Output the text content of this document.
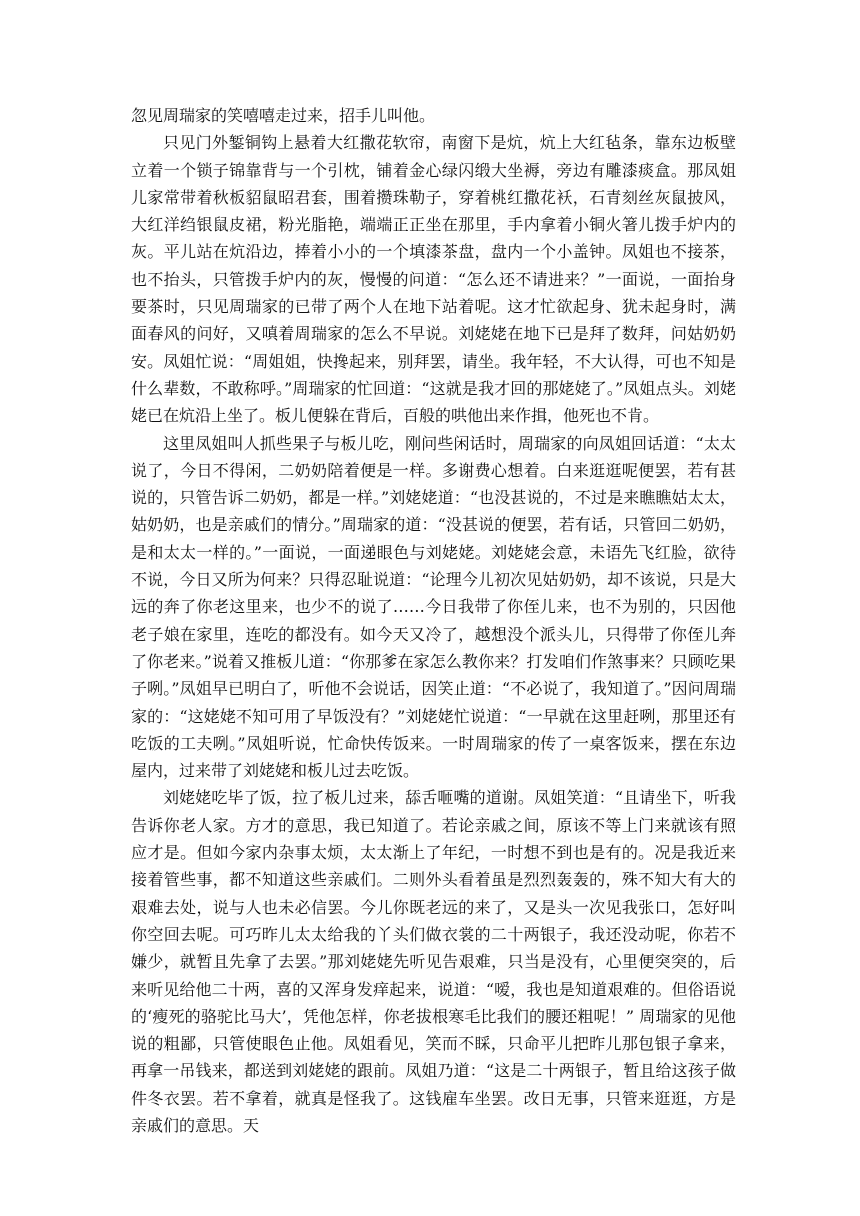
忽见周瑞家的笑嘻嘻走过来，招手儿叫他。

只见门外錾铜钩上悬着大红撒花软帘，南窗下是炕，炕上大红毡条，靠东边板壁立着一个锁子锦靠背与一个引枕，铺着金心绿闪缎大坐褥，旁边有雕漆痰盒。那凤姐儿家常带着秋板貂鼠昭君套，围着攒珠勒子，穿着桃红撒花袄，石青刻丝灰鼠披风，大红洋绉银鼠皮裙，粉光脂艳，端端正正坐在那里，手内拿着小铜火箸儿拨手炉内的灰。平儿站在炕沿边，捧着小小的一个填漆茶盘，盘内一个小盖钟。凤姐也不接茶，也不抬头，只管拨手炉内的灰，慢慢的问道：“怎么还不请进来？”一面说，一面抬身要茶时，只见周瑞家的已带了两个人在地下站着呢。这才忙欲起身、犹未起身时，满面春风的问好，又嗔着周瑞家的怎么不早说。刘姥姥在地下已是拜了数拜，问姑奶奶安。凤姐忙说：“周姐姐，快搀起来，别拜罢，请坐。我年轻，不大认得，可也不知是什么辈数，不敢称呼。”周瑞家的忙回道：“这就是我才回的那姥姥了。”凤姐点头。刘姥姥已在炕沿上坐了。板儿便躲在背后，百般的哄他出来作揖，他死也不肯。

这里凤姐叫人抓些果子与板儿吃，刚问些闲话时，周瑞家的向凤姐回话道：“太太说了，今日不得闲，二奶奶陪着便是一样。多谢费心想着。白来逛逛呢便罢，若有甚说的，只管告诉二奶奶，都是一样。”刘姥姥道：“也没甚说的，不过是来瞧瞧姑太太，姑奶奶，也是亲戚们的情分。”周瑞家的道：“没甚说的便罢，若有话，只管回二奶奶，是和太太一样的。”一面说，一面递眼色与刘姥姥。刘姥姥会意，未语先飞红脸，欲待不说，今日又所为何来？只得忍耻说道：“论理今儿初次见姑奶奶，却不该说，只是大远的奔了你老这里来，也少不的说了……今日我带了你侄儿来，也不为别的，只因他老子娘在家里，连吃的都没有。如今天又冷了，越想没个派头儿，只得带了你侄儿奔了你老来。”说着又推板儿道：“你那爹在家怎么教你来？打发咱们作煞事来？只顾吃果子咧。”凤姐早已明白了，听他不会说话，因笑止道：“不必说了，我知道了。”因问周瑞家的：“这姥姥不知可用了早饭没有？”刘姥姥忙说道：“一早就在这里赶咧，那里还有吃饭的工夫咧。”凤姐听说，忙命快传饭来。一时周瑞家的传了一桌客饭来，摆在东边屋内，过来带了刘姥姥和板儿过去吃饭。

刘姥姥吃毕了饭，拉了板儿过来，舔舌咂嘴的道谢。凤姐笑道：“且请坐下，听我告诉你老人家。方才的意思，我已知道了。若论亲戚之间，原该不等上门来就该有照应才是。但如今家内杂事太烦，太太渐上了年纪，一时想不到也是有的。况是我近来接着管些事，都不知道这些亲戚们。二则外头看着虽是烈烈轰轰的，殊不知大有大的艰难去处，说与人也未必信罢。今儿你既老远的来了，又是头一次见我张口，怎好叫你空回去呢。可巧昨儿太太给我的丫头们做衣裳的二十两银子，我还没动呢，你若不嫌少，就暂且先拿了去罢。”那刘姥姥先听见告艰难，只当是没有，心里便突突的，后来听见给他二十两，喜的又浑身发痒起来，说道：“嗳，我也是知道艰难的。但俗语说的‘瘦死的骆驼比马大’，凭他怎样，你老拔根寒毛比我们的腰还粗呢！” 周瑞家的见他说的粗鄙，只管使眼色止他。凤姐看见，笑而不睬，只命平儿把昨儿那包银子拿来，再拿一吊钱来，都送到刘姥姥的跟前。凤姐乃道：“这是二十两银子，暂且给这孩子做件冬衣罢。若不拿着，就真是怪我了。这钱雇车坐罢。改日无事，只管来逛逛，方是亲戚们的意思。天
